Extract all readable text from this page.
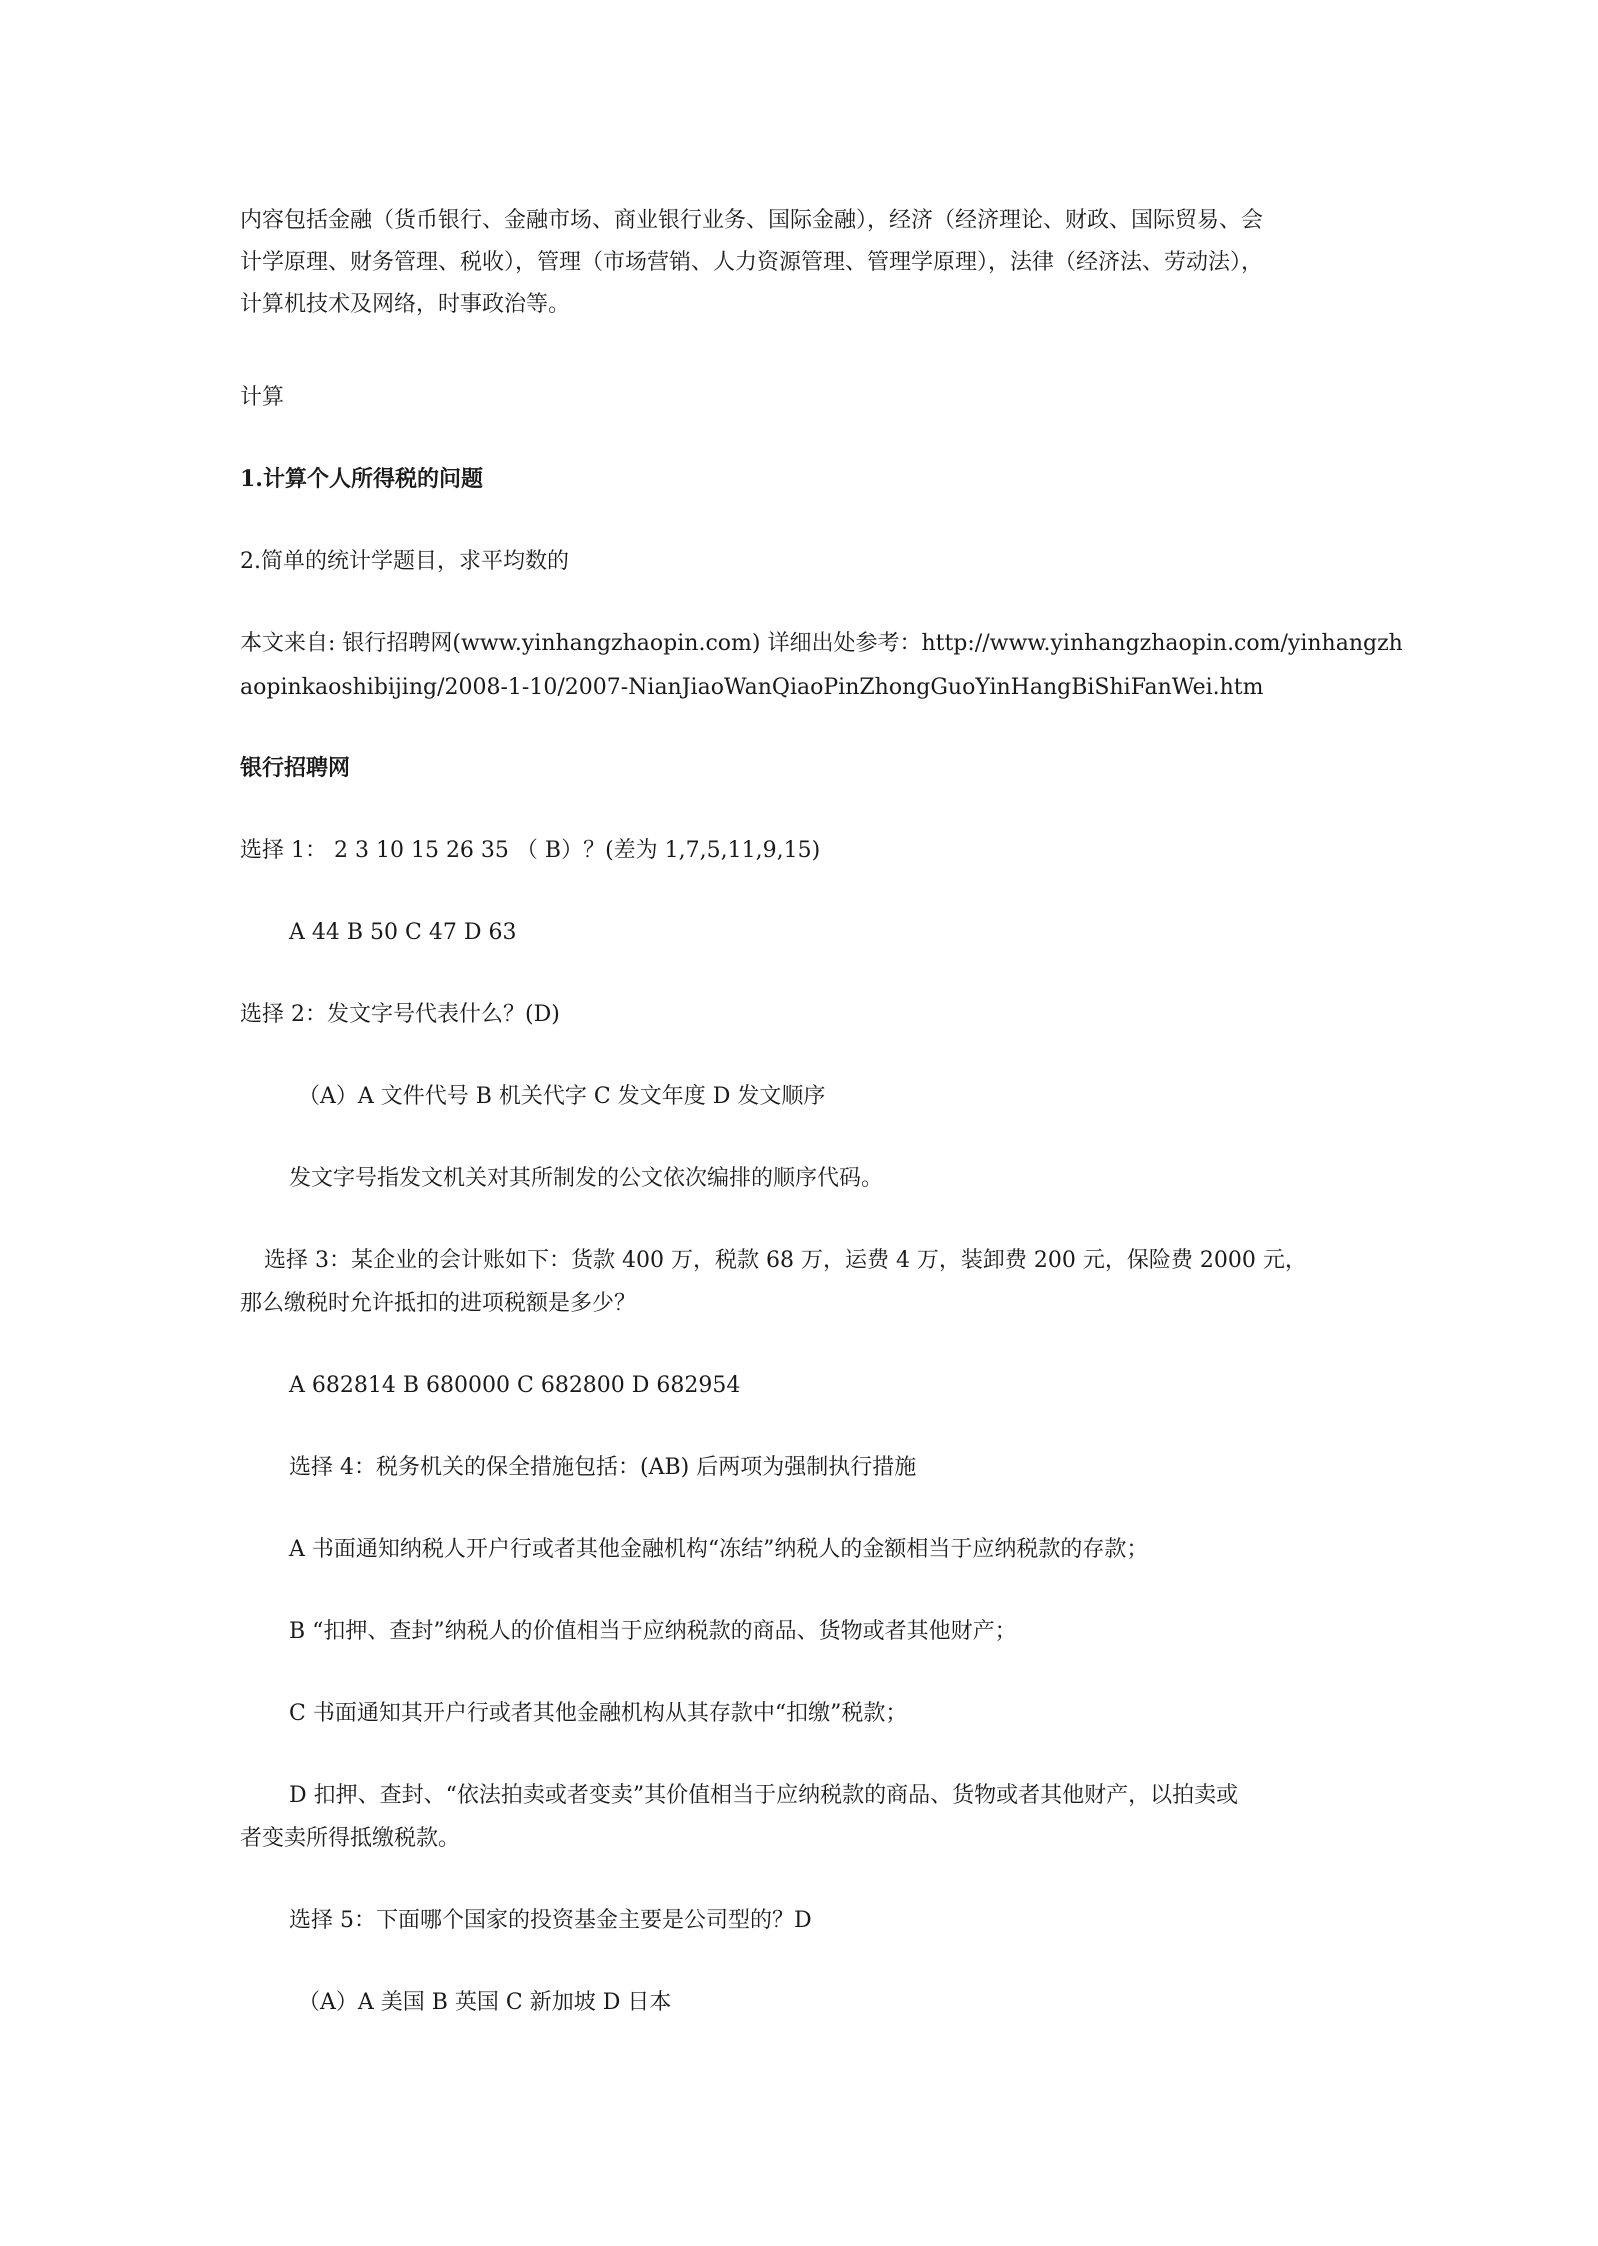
内容包括金融（货币银行、金融市场、商业银行业务、国际金融），经济（经济理论、财政、国际贸易、会

计学原理、财务管理、税收），管理（市场营销、人力资源管理、管理学原理），法律（经济法、劳动法），

计算机技术及网络，时事政治等。

计算

1.计算个人所得税的问题

2.简单的统计学题目，求平均数的

本文来自: 银行招聘网(www.yinhangzhaopin.com) 详细出处参考：http://www.yinhangzhaopin.com/yinhangzh

aopinkaoshibijing/2008-1-10/2007-NianJiaoWanQiaoPinZhongGuoYinHangBiShiFanWei.htm

银行招聘网

选择 1： 2 3 10 15 26 35 （ B）？(差为 1,7,5,11,9,15)

A 44 B 50 C 47 D 63

选择 2：发文字号代表什么？(D)

（A）A 文件代号 B 机关代字 C 发文年度 D 发文顺序

发文字号指发文机关对其所制发的公文依次编排的顺序代码。

选择 3：某企业的会计账如下：货款 400 万，税款 68 万，运费 4 万，装卸费 200 元，保险费 2000 元，

那么缴税时允许抵扣的进项税额是多少？

A 682814 B 680000 C 682800 D 682954

选择 4：税务机关的保全措施包括：(AB) 后两项为强制执行措施

A 书面通知纳税人开户行或者其他金融机构“冻结”纳税人的金额相当于应纳税款的存款；

B “扣押、查封”纳税人的价值相当于应纳税款的商品、货物或者其他财产；

C 书面通知其开户行或者其他金融机构从其存款中“扣缴”税款；

D 扣押、查封、“依法拍卖或者变卖”其价值相当于应纳税款的商品、货物或者其他财产，以拍卖或

者变卖所得抵缴税款。

选择 5：下面哪个国家的投资基金主要是公司型的？D

（A）A 美国 B 英国 C 新加坡 D 日本
